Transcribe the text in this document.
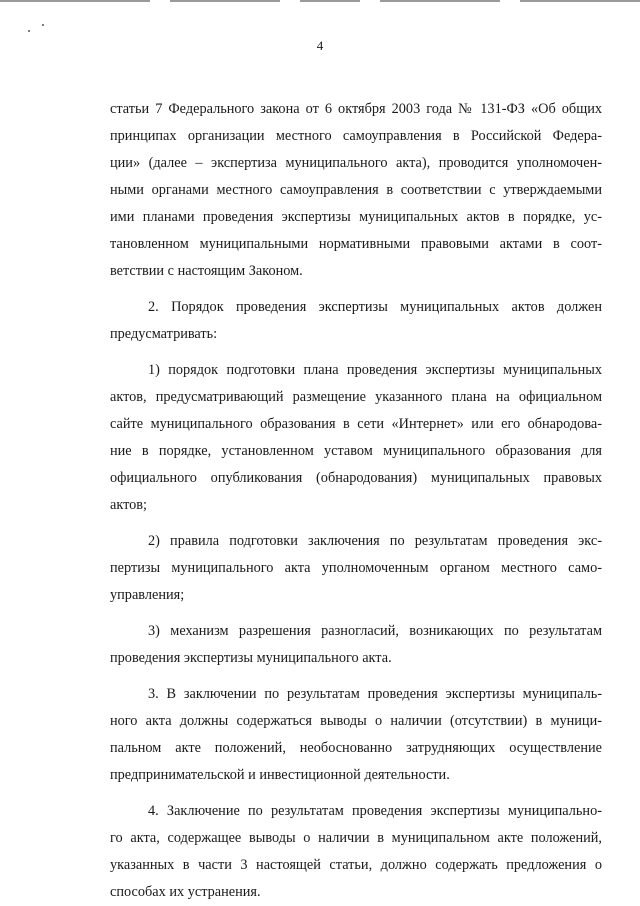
4

статьи 7 Федерального закона от 6 октября 2003 года № 131-ФЗ «Об общих
принципах организации местного самоуправления в Российской Федера-
ции» (далее – экспертиза муниципального акта), проводится уполномочен-
ными органами местного самоуправления в соответствии с утверждаемыми
ими планами проведения экспертизы муниципальных актов в порядке, ус-
тановленном муниципальными нормативными правовыми актами в соот-
ветствии с настоящим Законом.

2. Порядок проведения экспертизы муниципальных актов должен
предусматривать:

1) порядок подготовки плана проведения экспертизы муниципальных
актов, предусматривающий размещение указанного плана на официальном
сайте муниципального образования в сети «Интернет» или его обнародова-
ние в порядке, установленном уставом муниципального образования для
официального опубликования (обнародования) муниципальных правовых
актов;

2) правила подготовки заключения по результатам проведения экс-
пертизы муниципального акта уполномоченным органом местного само-
управления;

3) механизм разрешения разногласий, возникающих по результатам
проведения экспертизы муниципального акта.

3. В заключении по результатам проведения экспертизы муниципаль-
ного акта должны содержаться выводы о наличии (отсутствии) в муници-
пальном акте положений, необоснованно затрудняющих осуществление
предпринимательской и инвестиционной деятельности.

4. Заключение по результатам проведения экспертизы муниципально-
го акта, содержащее выводы о наличии в муниципальном акте положений,
указанных в части 3 настоящей статьи, должно содержать предложения о
способах их устранения.
